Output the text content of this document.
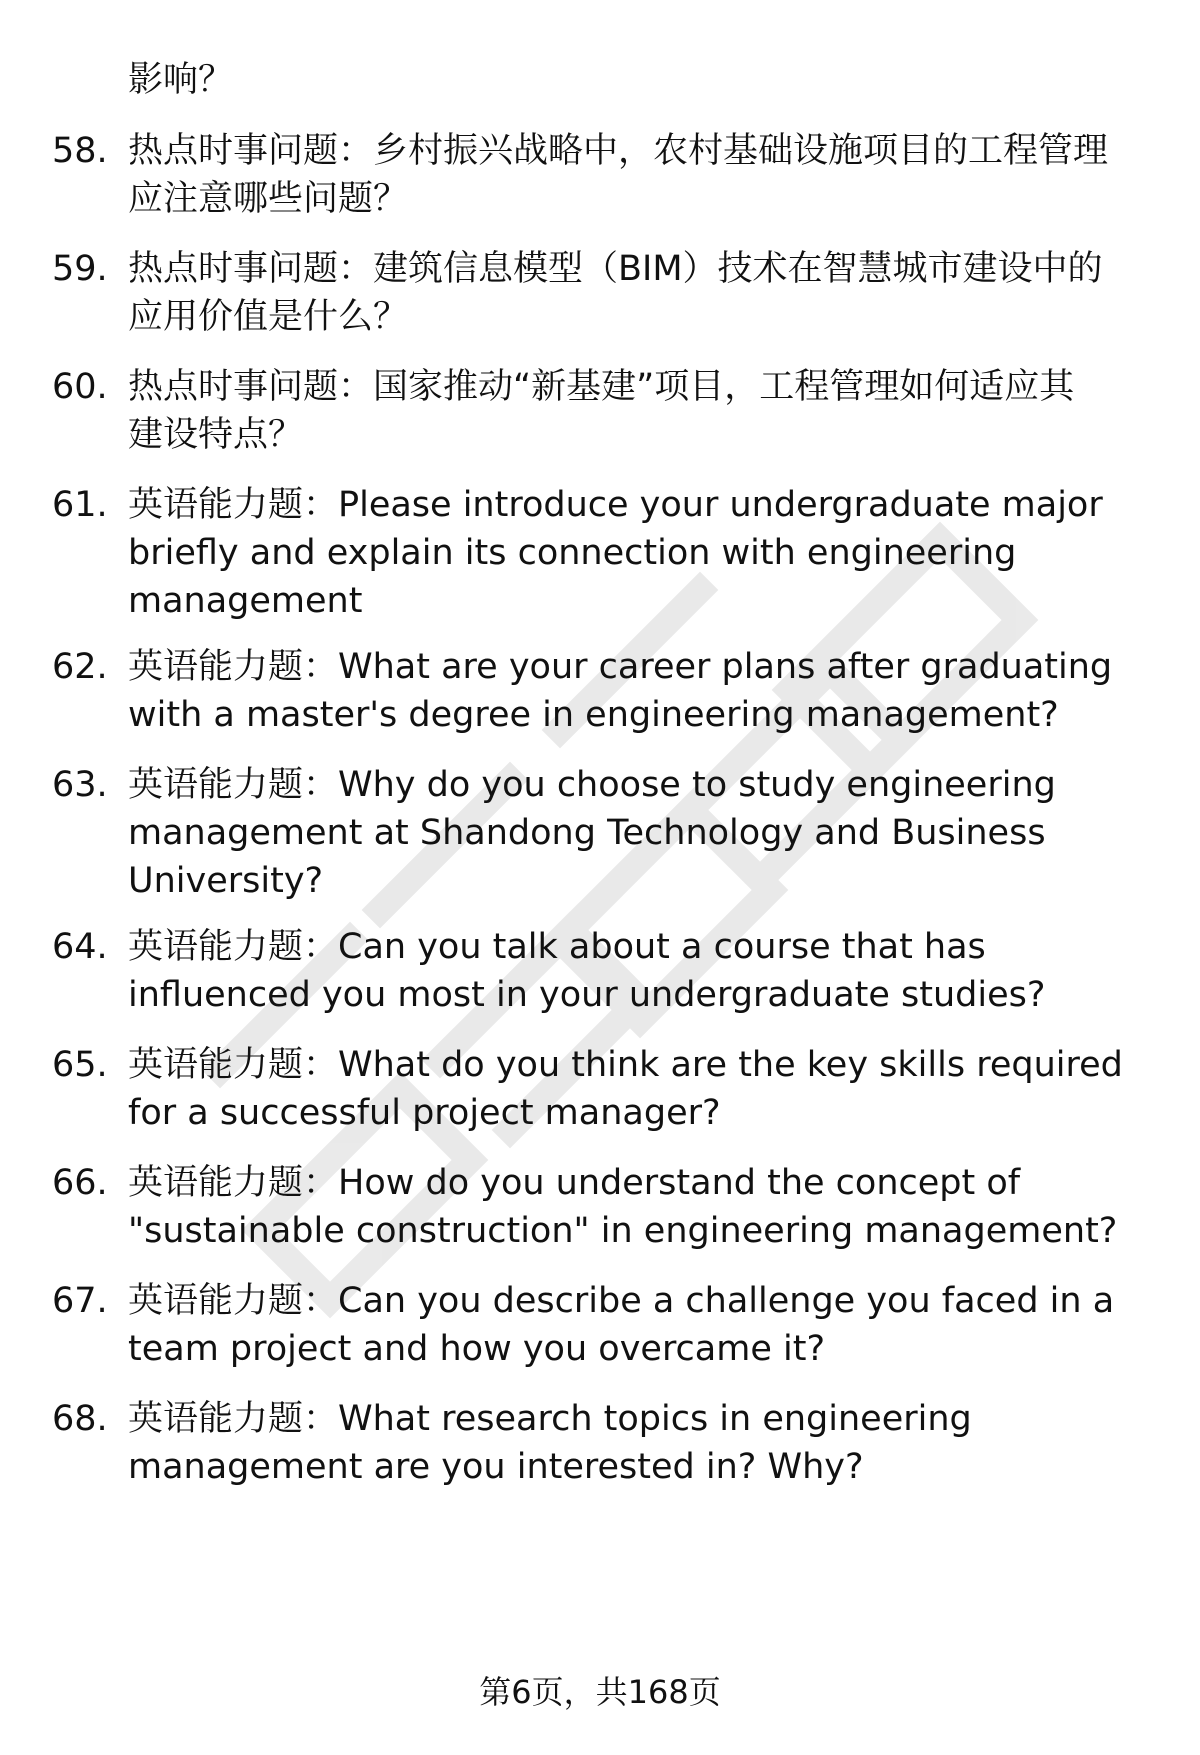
影响？
58. 热点时事问题：乡村振兴战略中，农村基础设施项目的工程管理
应注意哪些问题？
59. 热点时事问题：建筑信息模型（BIM）技术在智慧城市建设中的
应用价值是什么？
60. 热点时事问题：国家推动“新基建”项目，工程管理如何适应其
建设特点？
61. 英语能力题：Please introduce your undergraduate major
briefly and explain its connection with engineering
management
62. 英语能力题：What are your career plans after graduating
with a master's degree in engineering management?
63. 英语能力题：Why do you choose to study engineering
management at Shandong Technology and Business
University?
64. 英语能力题：Can you talk about a course that has
influenced you most in your undergraduate studies?
65. 英语能力题：What do you think are the key skills required
for a successful project manager?
66. 英语能力题：How do you understand the concept of
"sustainable construction" in engineering management?
67. 英语能力题：Can you describe a challenge you faced in a
team project and how you overcame it?
68. 英语能力题：What research topics in engineering
management are you interested in? Why?
第6页，共168页
